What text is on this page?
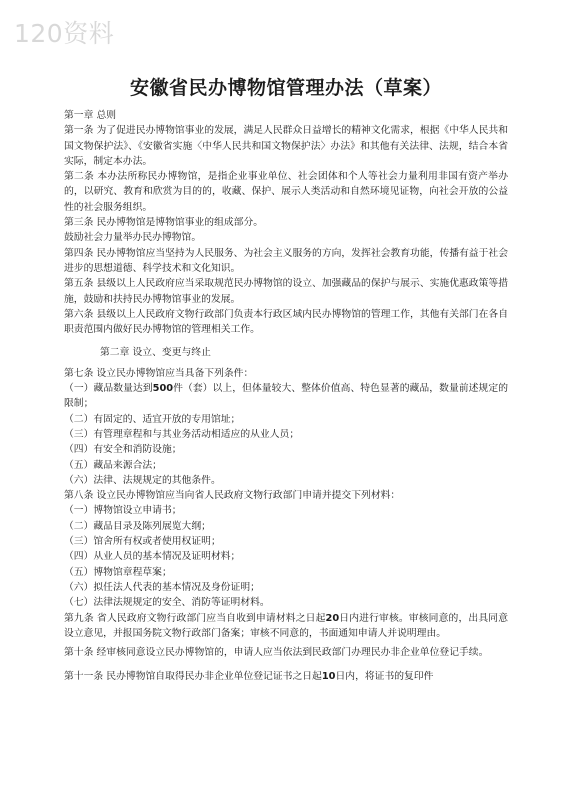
120资料
安徽省民办博物馆管理办法（草案）

第一章 总则

第一条 为了促进民办博物馆事业的发展，满足人民群众日益增长的精神文化需求，根据《中华人民共和国文物保护法》、《安徽省实施〈中华人民共和国文物保护法〉办法》和其他有关法律、法规，结合本省实际，制定本办法。

第二条 本办法所称民办博物馆，是指企业事业单位、社会团体和个人等社会力量利用非国有资产举办的，以研究、教育和欣赏为目的的，收藏、保护、展示人类活动和自然环境见证物，向社会开放的公益性的社会服务组织。

第三条 民办博物馆是博物馆事业的组成部分。

鼓励社会力量举办民办博物馆。

第四条 民办博物馆应当坚持为人民服务、为社会主义服务的方向，发挥社会教育功能，传播有益于社会进步的思想道德、科学技术和文化知识。

第五条 县级以上人民政府应当采取规范民办博物馆的设立、加强藏品的保护与展示、实施优惠政策等措施，鼓励和扶持民办博物馆事业的发展。

第六条 县级以上人民政府文物行政部门负责本行政区域内民办博物馆的管理工作，其他有关部门在各自职责范围内做好民办博物馆的管理相关工作。

第二章 设立、变更与终止

第七条 设立民办博物馆应当具备下列条件：

（一）藏品数量达到500件（套）以上，但体量较大、整体价值高、特色显著的藏品，数量前述规定的限制；

（二）有固定的、适宜开放的专用馆址；

（三）有管理章程和与其业务活动相适应的从业人员；

（四）有安全和消防设施；

（五）藏品来源合法；

（六）法律、法规规定的其他条件。

第八条 设立民办博物馆应当向省人民政府文物行政部门申请并提交下列材料：

（一）博物馆设立申请书；

（二）藏品目录及陈列展览大纲；

（三）馆舍所有权或者使用权证明；

（四）从业人员的基本情况及证明材料；

（五）博物馆章程草案；

（六）拟任法人代表的基本情况及身份证明；

（七）法律法规规定的安全、消防等证明材料。

第九条 省人民政府文物行政部门应当自收到申请材料之日起20日内进行审核。审核同意的，出具同意设立意见，并报国务院文物行政部门备案；审核不同意的，书面通知申请人并说明理由。

第十条 经审核同意设立民办博物馆的，申请人应当依法到民政部门办理民办非企业单位登记手续。

第十一条 民办博物馆自取得民办非企业单位登记证书之日起10日内，将证书的复印件
